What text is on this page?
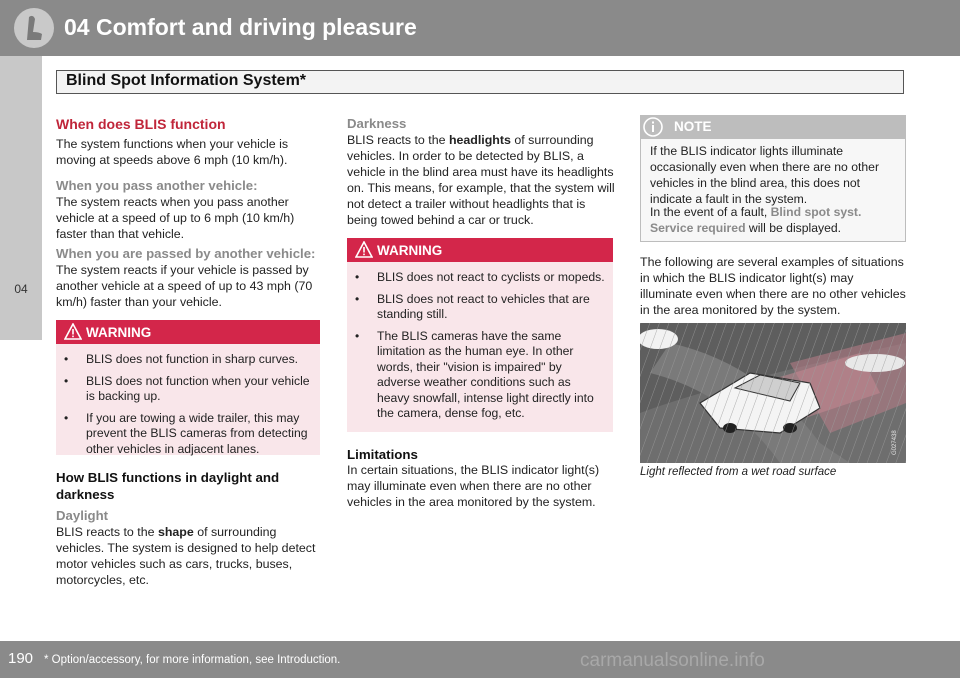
04 Comfort and driving pleasure
Blind Spot Information System*
04
When does BLIS function
The system functions when your vehicle is moving at speeds above 6 mph (10 km/h).
When you pass another vehicle:
The system reacts when you pass another vehicle at a speed of up to 6 mph (10 km/h) faster than that vehicle.
When you are passed by another vehicle:
The system reacts if your vehicle is passed by another vehicle at a speed of up to 43 mph (70 km/h) faster than your vehicle.
WARNING
• BLIS does not function in sharp curves.
• BLIS does not function when your vehicle is backing up.
• If you are towing a wide trailer, this may prevent the BLIS cameras from detecting other vehicles in adjacent lanes.
How BLIS functions in daylight and darkness
Daylight
BLIS reacts to the shape of surrounding vehicles. The system is designed to help detect motor vehicles such as cars, trucks, buses, motorcycles, etc.
Darkness
BLIS reacts to the headlights of surrounding vehicles. In order to be detected by BLIS, a vehicle in the blind area must have its headlights on. This means, for example, that the system will not detect a trailer without headlights that is being towed behind a car or truck.
WARNING
• BLIS does not react to cyclists or mopeds.
• BLIS does not react to vehicles that are standing still.
• The BLIS cameras have the same limitation as the human eye. In other words, their "vision is impaired" by adverse weather conditions such as heavy snowfall, intense light directly into the camera, dense fog, etc.
Limitations
In certain situations, the BLIS indicator light(s) may illuminate even when there are no other vehicles in the area monitored by the system.
NOTE
If the BLIS indicator lights illuminate occasionally even when there are no other vehicles in the blind area, this does not indicate a fault in the system.
In the event of a fault, Blind spot syst. Service required will be displayed.
The following are several examples of situations in which the BLIS indicator light(s) may illuminate even when there are no other vehicles in the area monitored by the system.
G027438
Light reflected from a wet road surface
190 * Option/accessory, for more information, see Introduction.	carmanualsonline.info
